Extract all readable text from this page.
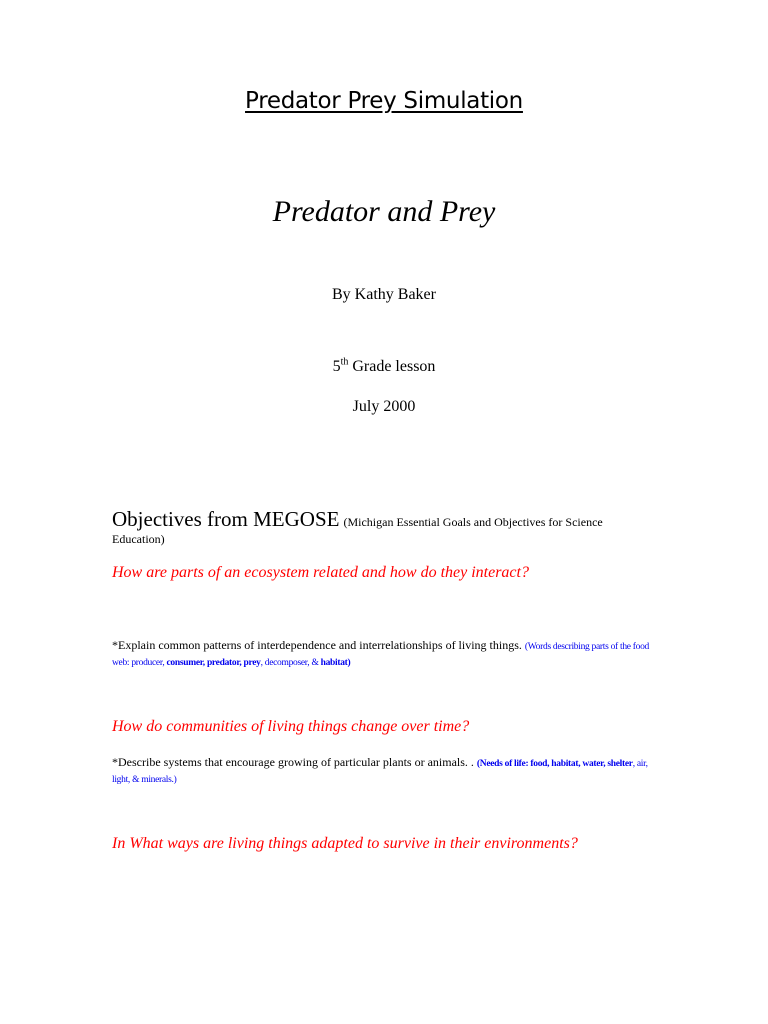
Predator Prey Simulation
Predator and Prey
By Kathy Baker
5th Grade lesson
July 2000
Objectives from MEGOSE (Michigan Essential Goals and Objectives for Science Education)
How are parts of an ecosystem related and how do they interact?
*Explain common patterns of interdependence and interrelationships of living things. (Words describing parts of the food web: producer, consumer, predator, prey, decomposer, & habitat)
How do communities of living things change over time?
*Describe systems that encourage growing of particular plants or animals. . (Needs of life: food, habitat, water, shelter, air, light, & minerals.)
In What ways are living things adapted to survive in their environments?
